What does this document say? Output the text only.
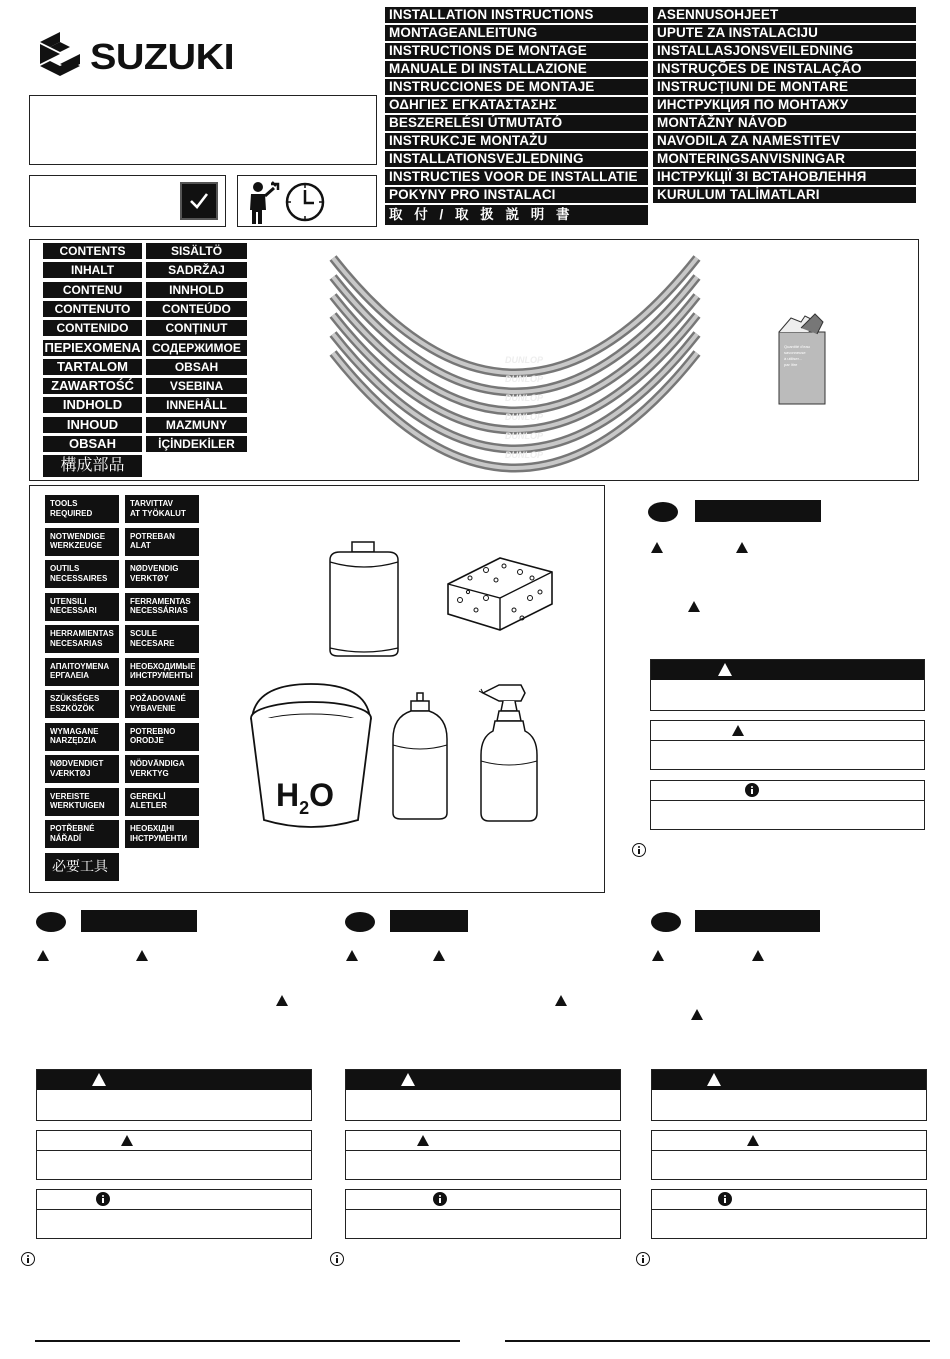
SUZUKI
INSTALLATION INSTRUCTIONS
MONTAGEANLEITUNG
INSTRUCTIONS DE MONTAGE
MANUALE DI INSTALLAZIONE
INSTRUCCIONES DE MONTAJE
ΟΔΗΓΙΕΣ ΕΓΚΑΤΑΣΤΑΣΗΣ
BESZERELÉSI ÚTMUTATÓ
INSTRUKCJE MONTAŻU
INSTALLATIONSVEJLEDNING
INSTRUCTIES VOOR DE INSTALLATIE
POKYNY PRO INSTALACI
取 付 / 取 扱 説 明 書
ASENNUSOHJEET
UPUTE ZA INSTALACIJU
INSTALLASJONSVEILEDNING
INSTRUÇÕES DE INSTALAÇÃO
INSTRUCȚIUNI DE MONTARE
ИНСТРУКЦИЯ ПО МОНТАЖУ
MONTÁŽNY NÁVOD
NAVODILA ZA NAMESTITEV
MONTERINGSANVISNINGAR
ІНСТРУКЦІЇ ЗІ ВСТАНОВЛЕННЯ
KURULUM TALİMATLARI
CONTENTS
INHALT
CONTENU
CONTENUTO
CONTENIDO
ΠΕΡΙΕΧΟΜΕΝΑ
TARTALOM
ZAWARTOŚĆ
INDHOLD
INHOUD
OBSAH
構成部品
SISÄLTÖ
SADRŽAJ
INNHOLD
CONTEÚDO
CONȚINUT
СОДЕРЖИМОЕ
OBSAH
VSEBINA
INNEHÅLL
MAZMUNY
İÇİNDEKİLER
DUNLOP
DUNLOP
DUNLOP
DUNLOP
DUNLOP
DUNLOP
Quantité d'eau
savonneuse
à utiliser...
par litre
TOOLS
REQUIRED
NOTWENDIGE
WERKZEUGE
OUTILS
NECESSAIRES
UTENSILI
NECESSARI
HERRAMIENTAS
NECESARIAS
ΑΠΑΙΤΟΥΜΕΝΑ
ΕΡΓΑΛΕΙΑ
SZÜKSÉGES
ESZKÖZÖK
WYMAGANE
NARZĘDZIA
NØDVENDIGT
VÆRKTØJ
VEREISTE
WERKTUIGEN
POTŘEBNÉ
NÁŘADÍ
必要工具
TARVITTAV
AT TYÖKALUT
POTREBAN
ALAT
NØDVENDIG
VERKTØY
FERRAMENTAS
NECESSÁRIAS
SCULE
NECESARE
НЕОБХОДИМЫЕ
ИНСТРУМЕНТЫ
POŽADOVANÉ
VYBAVENIE
POTREBNO
ORODJE
NÖDVÄNDIGA
VERKTYG
GEREKLİ
ALETLER
НЕОБХІДНІ
ІНСТРУМЕНТИ
$H_2O$
